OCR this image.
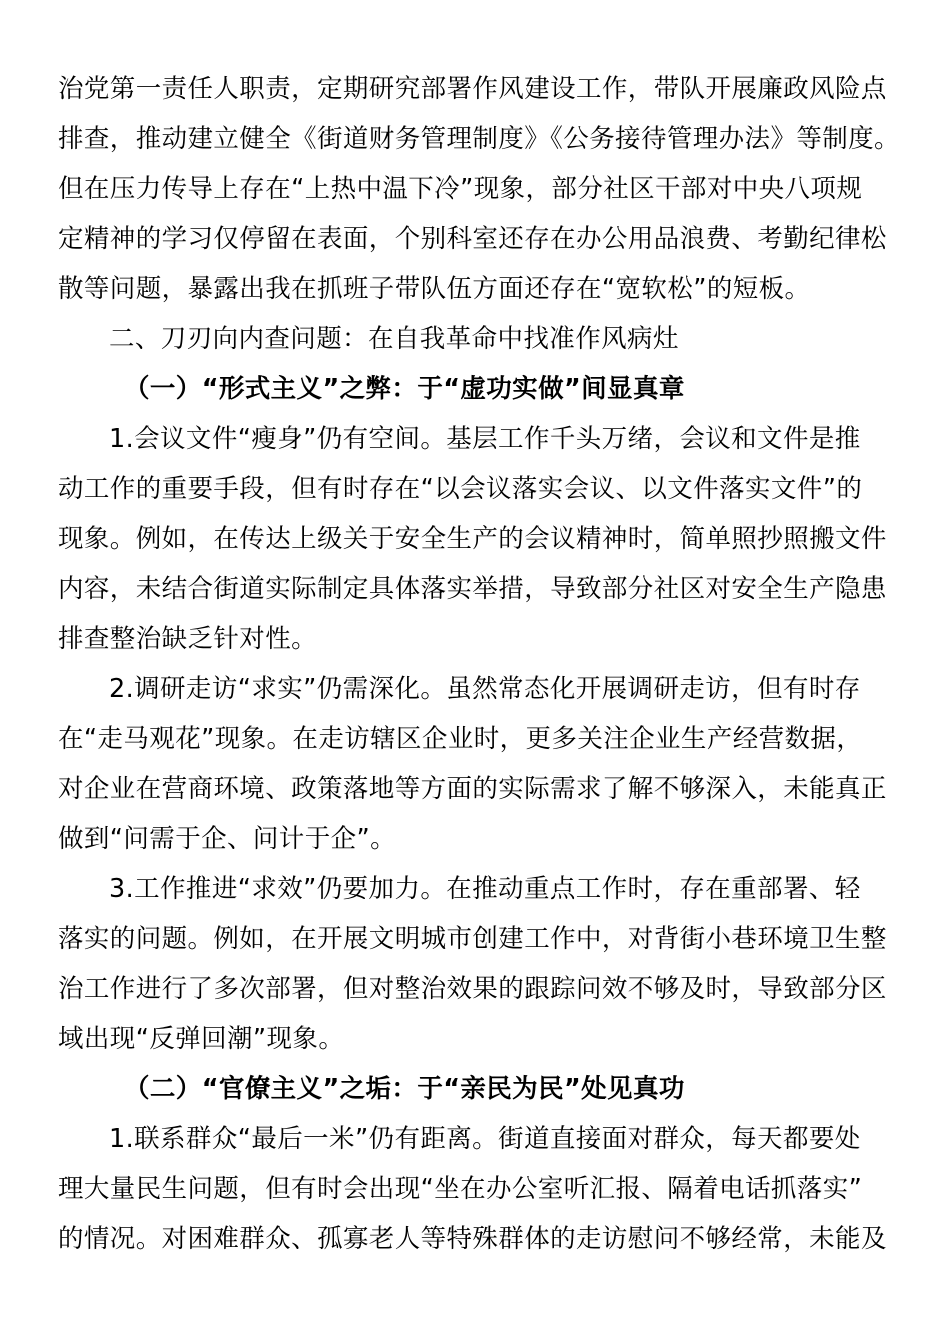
治党第一责任人职责，定期研究部署作风建设工作，带队开展廉政风险点
排查，推动建立健全《街道财务管理制度》《公务接待管理办法》等制度。
但在压力传导上存在“上热中温下冷”现象，部分社区干部对中央八项规
定精神的学习仅停留在表面，个别科室还存在办公用品浪费、考勤纪律松
散等问题，暴露出我在抓班子带队伍方面还存在“宽软松”的短板。
二、刀刃向内查问题：在自我革命中找准作风病灶
（一）“形式主义”之弊：于“虚功实做”间显真章
1.会议文件“瘦身”仍有空间。基层工作千头万绪，会议和文件是推
动工作的重要手段，但有时存在“以会议落实会议、以文件落实文件”的
现象。例如，在传达上级关于安全生产的会议精神时，简单照抄照搬文件
内容，未结合街道实际制定具体落实举措，导致部分社区对安全生产隐患
排查整治缺乏针对性。
2.调研走访“求实”仍需深化。虽然常态化开展调研走访，但有时存
在“走马观花”现象。在走访辖区企业时，更多关注企业生产经营数据，
对企业在营商环境、政策落地等方面的实际需求了解不够深入，未能真正
做到“问需于企、问计于企”。
3.工作推进“求效”仍要加力。在推动重点工作时，存在重部署、轻
落实的问题。例如，在开展文明城市创建工作中，对背街小巷环境卫生整
治工作进行了多次部署，但对整治效果的跟踪问效不够及时，导致部分区
域出现“反弹回潮”现象。
（二）“官僚主义”之垢：于“亲民为民”处见真功
1.联系群众“最后一米”仍有距离。街道直接面对群众，每天都要处
理大量民生问题，但有时会出现“坐在办公室听汇报、隔着电话抓落实”
的情况。对困难群众、孤寡老人等特殊群体的走访慰问不够经常，未能及
